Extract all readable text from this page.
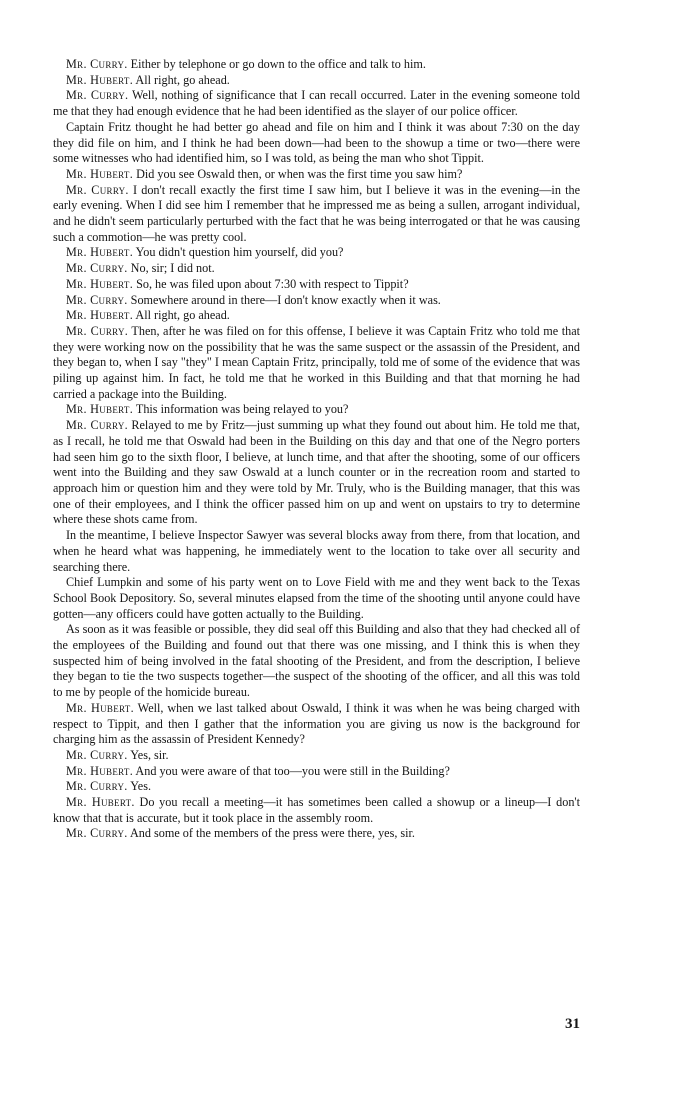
Mr. Curry. Either by telephone or go down to the office and talk to him.

Mr. Hubert. All right, go ahead.

Mr. Curry. Well, nothing of significance that I can recall occurred. Later in the evening someone told me that they had enough evidence that he had been identified as the slayer of our police officer.

Captain Fritz thought he had better go ahead and file on him and I think it was about 7:30 on the day they did file on him, and I think he had been down—had been to the showup a time or two—there were some witnesses who had identified him, so I was told, as being the man who shot Tippit.

Mr. Hubert. Did you see Oswald then, or when was the first time you saw him?

Mr. Curry. I don't recall exactly the first time I saw him, but I believe it was in the evening—in the early evening. When I did see him I remember that he impressed me as being a sullen, arrogant individual, and he didn't seem particularly perturbed with the fact that he was being interrogated or that he was causing such a commotion—he was pretty cool.

Mr. Hubert. You didn't question him yourself, did you?

Mr. Curry. No, sir; I did not.

Mr. Hubert. So, he was filed upon about 7:30 with respect to Tippit?

Mr. Curry. Somewhere around in there—I don't know exactly when it was.

Mr. Hubert. All right, go ahead.

Mr. Curry. Then, after he was filed on for this offense, I believe it was Captain Fritz who told me that they were working now on the possibility that he was the same suspect or the assassin of the President, and they began to, when I say "they" I mean Captain Fritz, principally, told me of some of the evidence that was piling up against him. In fact, he told me that he worked in this Building and that that morning he had carried a package into the Building.

Mr. Hubert. This information was being relayed to you?

Mr. Curry. Relayed to me by Fritz—just summing up what they found out about him. He told me that, as I recall, he told me that Oswald had been in the Building on this day and that one of the Negro porters had seen him go to the sixth floor, I believe, at lunch time, and that after the shooting, some of our officers went into the Building and they saw Oswald at a lunch counter or in the recreation room and started to approach him or question him and they were told by Mr. Truly, who is the Building manager, that this was one of their employees, and I think the officer passed him on up and went on upstairs to try to determine where these shots came from.

In the meantime, I believe Inspector Sawyer was several blocks away from there, from that location, and when he heard what was happening, he immediately went to the location to take over all security and searching there.

Chief Lumpkin and some of his party went on to Love Field with me and they went back to the Texas School Book Depository. So, several minutes elapsed from the time of the shooting until anyone could have gotten—any officers could have gotten actually to the Building.

As soon as it was feasible or possible, they did seal off this Building and also that they had checked all of the employees of the Building and found out that there was one missing, and I think this is when they suspected him of being involved in the fatal shooting of the President, and from the description, I believe they began to tie the two suspects together—the suspect of the shooting of the officer, and all this was told to me by people of the homicide bureau.

Mr. Hubert. Well, when we last talked about Oswald, I think it was when he was being charged with respect to Tippit, and then I gather that the information you are giving us now is the background for charging him as the assassin of President Kennedy?

Mr. Curry. Yes, sir.

Mr. Hubert. And you were aware of that too—you were still in the Building?

Mr. Curry. Yes.

Mr. Hubert. Do you recall a meeting—it has sometimes been called a showup or a lineup—I don't know that that is accurate, but it took place in the assembly room.

Mr. Curry. And some of the members of the press were there, yes, sir.

31
